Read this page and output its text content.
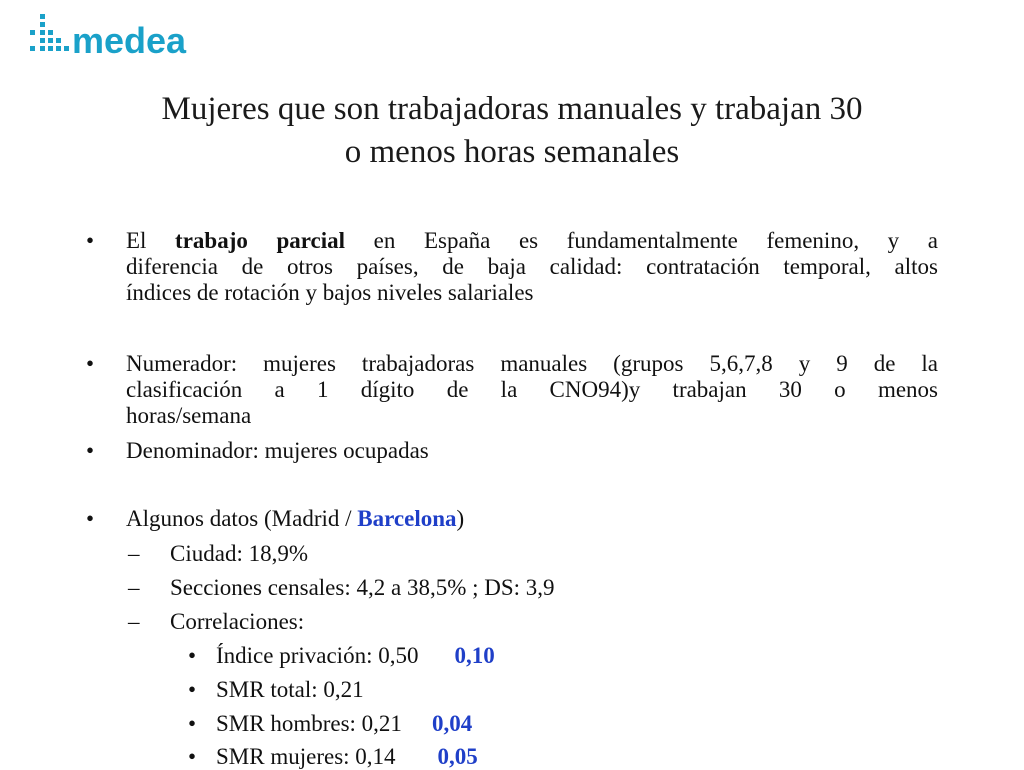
medea
Mujeres que son trabajadoras manuales y trabajan 30
o menos horas semanales
• El trabajo parcial en España es fundamentalmente femenino, y a
diferencia de otros países, de baja calidad: contratación temporal, altos
índices de rotación y bajos niveles salariales
• Numerador: mujeres trabajadoras manuales (grupos 5,6,7,8 y 9 de la
clasificación a 1 dígito de la CNO94)y trabajan 30 o menos
horas/semana
• Denominador: mujeres ocupadas
• Algunos datos (Madrid / Barcelona)
– Ciudad: 18,9%
– Secciones censales: 4,2 a 38,5% ; DS: 3,9
– Correlaciones:
• Índice privación: 0,50 0,10
• SMR total: 0,21
• SMR hombres: 0,21 0,04
• SMR mujeres: 0,14 0,05
